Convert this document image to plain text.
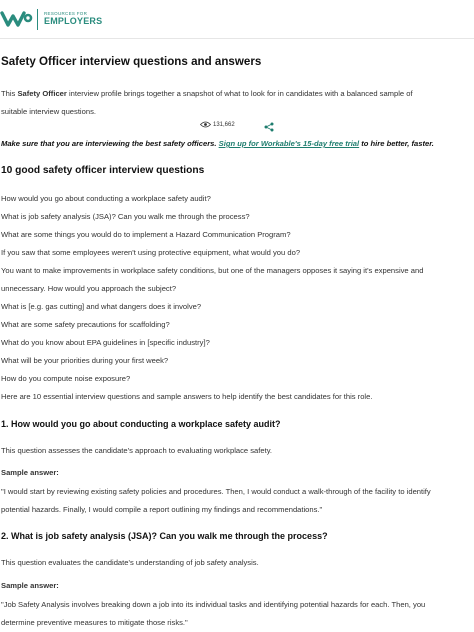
RESOURCES FOR
EMPLOYERS
Safety Officer interview questions and answers
This Safety Officer interview profile brings together a snapshot of what to look for in candidates with a balanced sample of
suitable interview questions.
131,662
Make sure that you are interviewing the best safety officers. Sign up for Workable's 15-day free trial to hire better, faster.
10 good safety officer interview questions
How would you go about conducting a workplace safety audit?
What is job safety analysis (JSA)? Can you walk me through the process?
What are some things you would do to implement a Hazard Communication Program?
If you saw that some employees weren't using protective equipment, what would you do?
You want to make improvements in workplace safety conditions, but one of the managers opposes it saying it's expensive and
unnecessary. How would you approach the subject?
What is [e.g. gas cutting] and what dangers does it involve?
What are some safety precautions for scaffolding?
What do you know about EPA guidelines in [specific industry]?
What will be your priorities during your first week?
How do you compute noise exposure?
Here are 10 essential interview questions and sample answers to help identify the best candidates for this role.
1. How would you go about conducting a workplace safety audit?
This question assesses the candidate's approach to evaluating workplace safety.
Sample answer:
"I would start by reviewing existing safety policies and procedures. Then, I would conduct a walk-through of the facility to identify
potential hazards. Finally, I would compile a report outlining my findings and recommendations."
2. What is job safety analysis (JSA)? Can you walk me through the process?
This question evaluates the candidate's understanding of job safety analysis.
Sample answer:
"Job Safety Analysis involves breaking down a job into its individual tasks and identifying potential hazards for each. Then, you
determine preventive measures to mitigate those risks."
